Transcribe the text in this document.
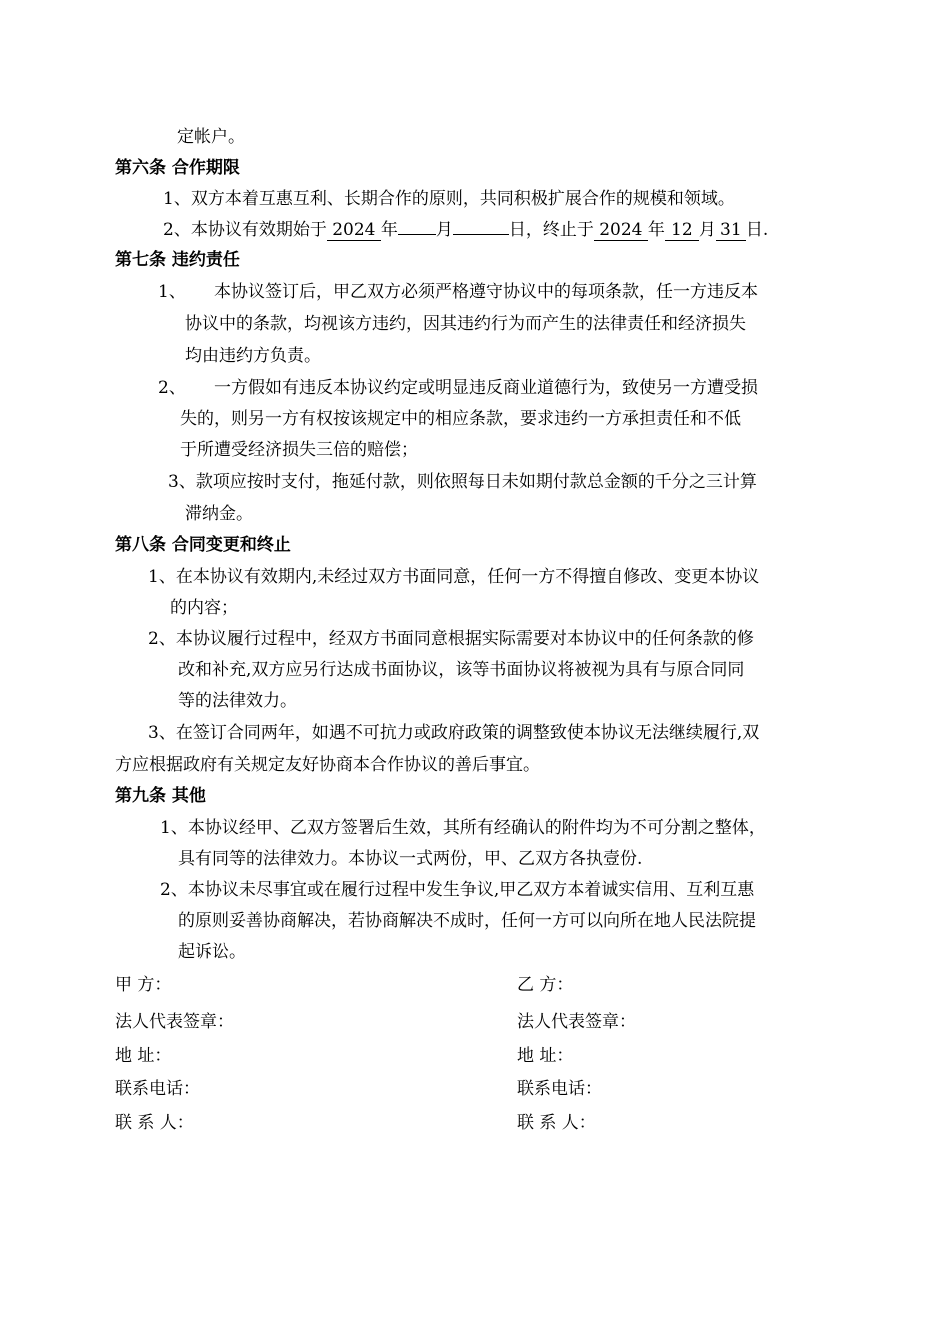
定帐户。
第六条 合作期限
1、双方本着互惠互利、长期合作的原则，共同积极扩展合作的规模和领域。
2、本协议有效期始于 2024 年 月	日，终止于 2024 年 12 月 31 日.
第七条 违约责任
1、 本协议签订后，甲乙双方必须严格遵守协议中的每项条款，任一方违反本
协议中的条款，均视该方违约，因其违约行为而产生的法律责任和经济损失
均由违约方负责。
2、 一方假如有违反本协议约定或明显违反商业道德行为，致使另一方遭受损
失的，则另一方有权按该规定中的相应条款，要求违约一方承担责任和不低
于所遭受经济损失三倍的赔偿；
3、款项应按时支付，拖延付款，则依照每日未如期付款总金额的千分之三计算
滞纳金。
第八条 合同变更和终止
1、在本协议有效期内,未经过双方书面同意，任何一方不得擅自修改、变更本协议
的内容；
2、本协议履行过程中，经双方书面同意根据实际需要对本协议中的任何条款的修
改和补充,双方应另行达成书面协议，该等书面协议将被视为具有与原合同同
等的法律效力。
3、在签订合同两年，如遇不可抗力或政府政策的调整致使本协议无法继续履行,双
方应根据政府有关规定友好协商本合作协议的善后事宜。
第九条 其他
1、本协议经甲、乙双方签署后生效，其所有经确认的附件均为不可分割之整体，
具有同等的法律效力。本协议一式两份，甲、乙双方各执壹份.
2、本协议未尽事宜或在履行过程中发生争议,甲乙双方本着诚实信用、互利互惠
的原则妥善协商解决，若协商解决不成时，任何一方可以向所在地人民法院提
起诉讼。
甲 方：
法人代表签章：
地 址：
联系电话：
联 系 人：
乙 方：
法人代表签章：
地 址：
联系电话：
联 系 人：
